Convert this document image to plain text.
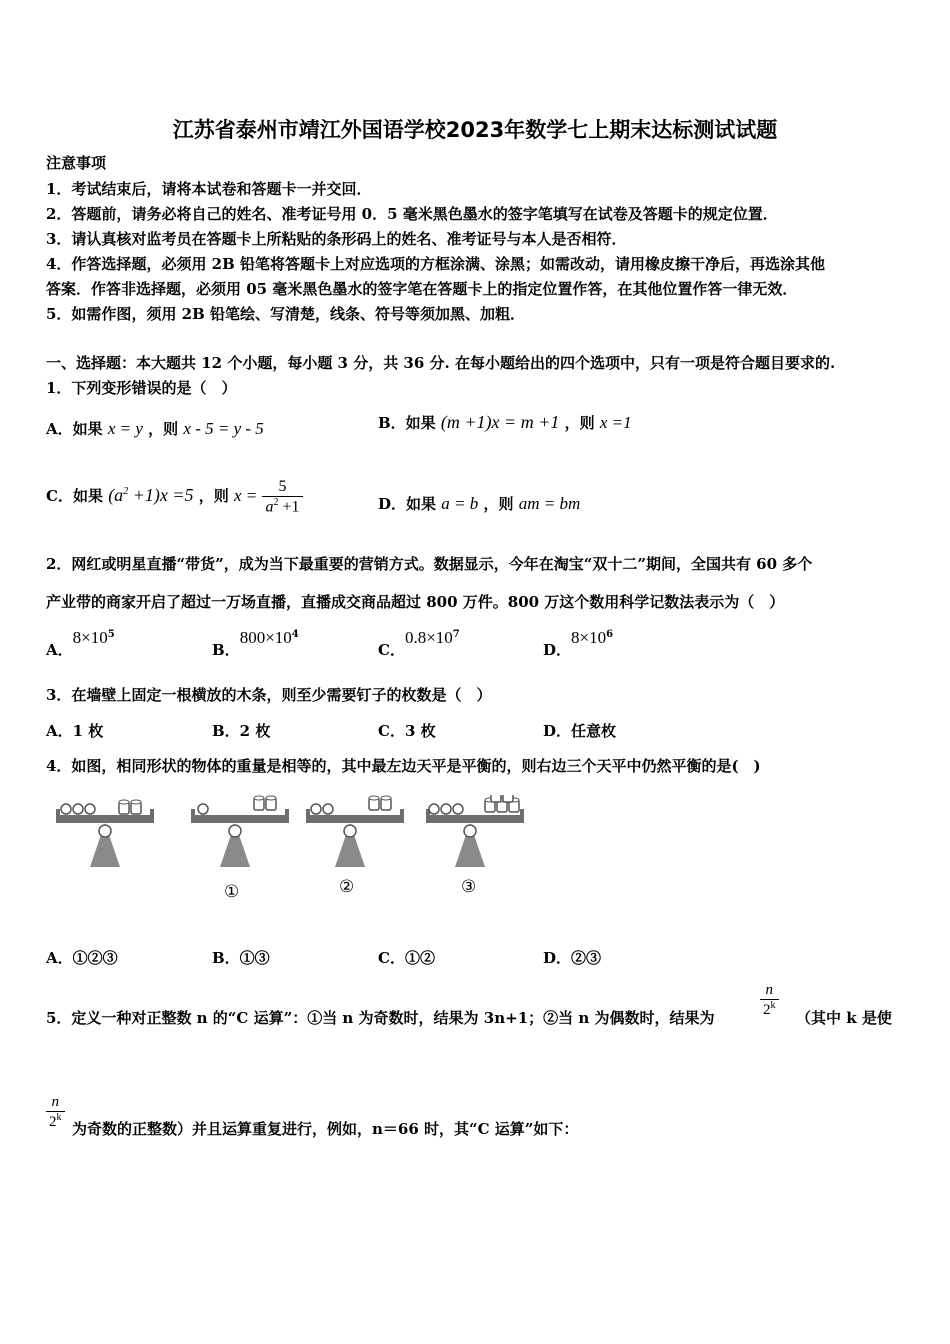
江苏省泰州市靖江外国语学校2023年数学七上期末达标测试试题
注意事项
1．考试结束后，请将本试卷和答题卡一并交回．
2．答题前，请务必将自己的姓名、准考证号用 0．5 毫米黑色墨水的签字笔填写在试卷及答题卡的规定位置．
3．请认真核对监考员在答题卡上所粘贴的条形码上的姓名、准考证号与本人是否相符．
4．作答选择题，必须用 2B 铅笔将答题卡上对应选项的方框涂满、涂黑；如需改动，请用橡皮擦干净后，再选涂其他
答案．作答非选择题，必须用 05 毫米黑色墨水的签字笔在答题卡上的指定位置作答，在其他位置作答一律无效．
5．如需作图，须用 2B 铅笔绘、写清楚，线条、符号等须加黑、加粗．
一、选择题：本大题共 12 个小题，每小题 3 分，共 36 分. 在每小题给出的四个选项中，只有一项是符合题目要求的.
1．下列变形错误的是（　）
A．如果 x = y ，则 x - 5 = y - 5	B．如果 (m +1)x = m +1 ，则 x =1
C．如果 $(a^2 +1)x =5$ ，则 $x = \frac{5}{a^2 +1}$	D．如果 a = b ，则 am = bm
2．网红或明星直播“带货”，成为当下最重要的营销方式。数据显示，今年在淘宝“双十二”期间，全国共有 60 多个
产业带的商家开启了超过一万场直播，直播成交商品超过 800 万件。800 万这个数用科学记数法表示为（　）
A．$8\times 10^5$
B．$800\times 10^4$
C．$0.8\times 10^7$
D．$8\times 10^6$
3．在墙壁上固定一根横放的木条，则至少需要钉子的枚数是（　）
A．1 枚	B．2 枚	C．3 枚	D．任意枚
4．如图，相同形状的物体的重量是相等的，其中最左边天平是平衡的，则右边三个天平中仍然平衡的是(　)
①	②	③
A．①②③	B．①③	C．①②	D．②③
5．定义一种对正整数 n 的“C 运算”：①当 n 为奇数时，结果为 3n+1；②当 n 为偶数时，结果为	$\frac{n}{2^k}$ （其中 k 是使
$\frac{n}{2^k}$ 为奇数的正整数）并且运算重复进行，例如，n＝66 时，其“C 运算”如下：
